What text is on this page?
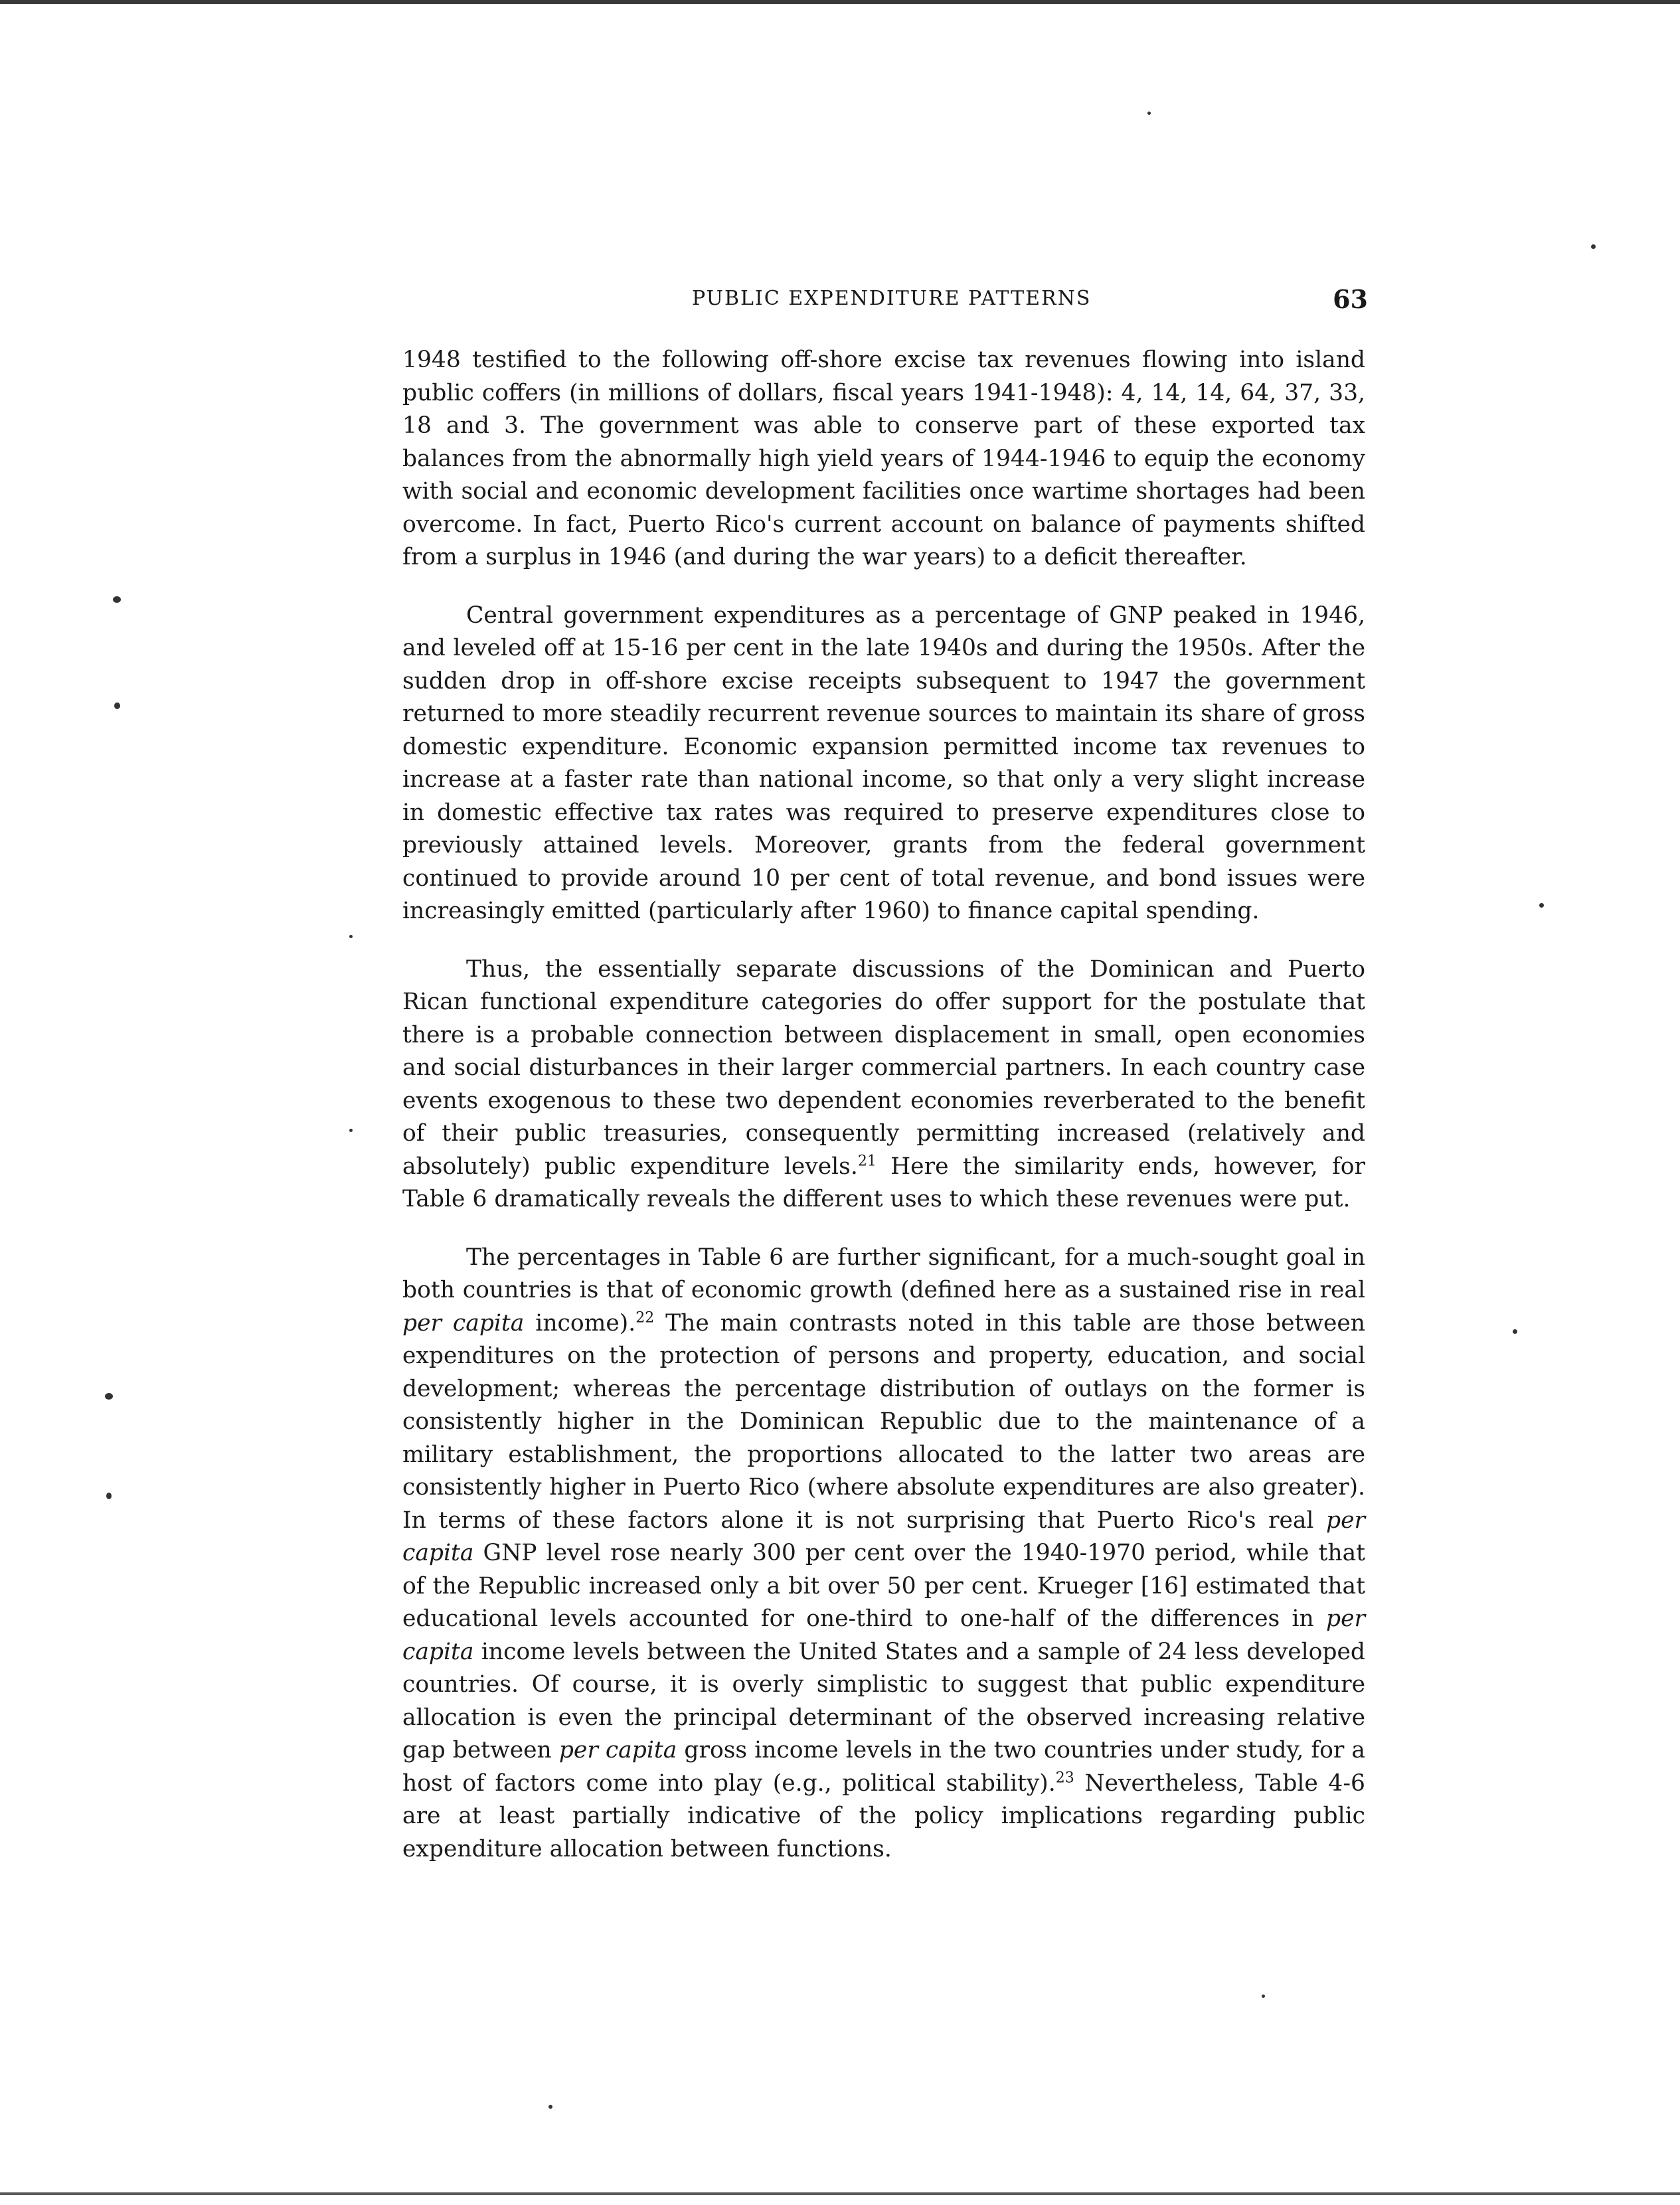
PUBLIC EXPENDITURE PATTERNS	63

1948 testified to the following off-shore excise tax revenues flowing into island public coffers (in millions of dollars, fiscal years 1941-1948): 4, 14, 14, 64, 37, 33, 18 and 3. The government was able to conserve part of these exported tax balances from the abnormally high yield years of 1944-1946 to equip the economy with social and economic development facilities once wartime shortages had been overcome. In fact, Puerto Rico's current account on balance of payments shifted from a surplus in 1946 (and during the war years) to a deficit thereafter.

Central government expenditures as a percentage of GNP peaked in 1946, and leveled off at 15-16 per cent in the late 1940s and during the 1950s. After the sudden drop in off-shore excise receipts subsequent to 1947 the government returned to more steadily recurrent revenue sources to maintain its share of gross domestic expenditure. Economic expansion permitted income tax revenues to increase at a faster rate than national income, so that only a very slight increase in domestic effective tax rates was required to preserve expenditures close to previously attained levels. Moreover, grants from the federal government continued to provide around 10 per cent of total revenue, and bond issues were increasingly emitted (particularly after 1960) to finance capital spending.

Thus, the essentially separate discussions of the Dominican and Puerto Rican functional expenditure categories do offer support for the postulate that there is a probable connection between displacement in small, open economies and social disturbances in their larger commercial partners. In each country case events exogenous to these two dependent economies reverberated to the benefit of their public treasuries, consequently permitting increased (relatively and absolutely) public expenditure levels.$^{21}$ Here the similarity ends, however, for Table 6 dramatically reveals the different uses to which these revenues were put.

The percentages in Table 6 are further significant, for a much-sought goal in both countries is that of economic growth (defined here as a sustained rise in real per capita income).$^{22}$ The main contrasts noted in this table are those between expenditures on the protection of persons and property, education, and social development; whereas the percentage distribution of outlays on the former is consistently higher in the Dominican Republic due to the maintenance of a military establishment, the proportions allocated to the latter two areas are consistently higher in Puerto Rico (where absolute expenditures are also greater). In terms of these factors alone it is not surprising that Puerto Rico's real per capita GNP level rose nearly 300 per cent over the 1940-1970 period, while that of the Republic increased only a bit over 50 per cent. Krueger [16] estimated that educational levels accounted for one-third to one-half of the differences in per capita income levels between the United States and a sample of 24 less developed countries. Of course, it is overly simplistic to suggest that public expenditure allocation is even the principal determinant of the observed increasing relative gap between per capita gross income levels in the two countries under study, for a host of factors come into play (e.g., political stability).$^{23}$ Nevertheless, Table 4-6 are at least partially indicative of the policy implications regarding public expenditure allocation between functions.
